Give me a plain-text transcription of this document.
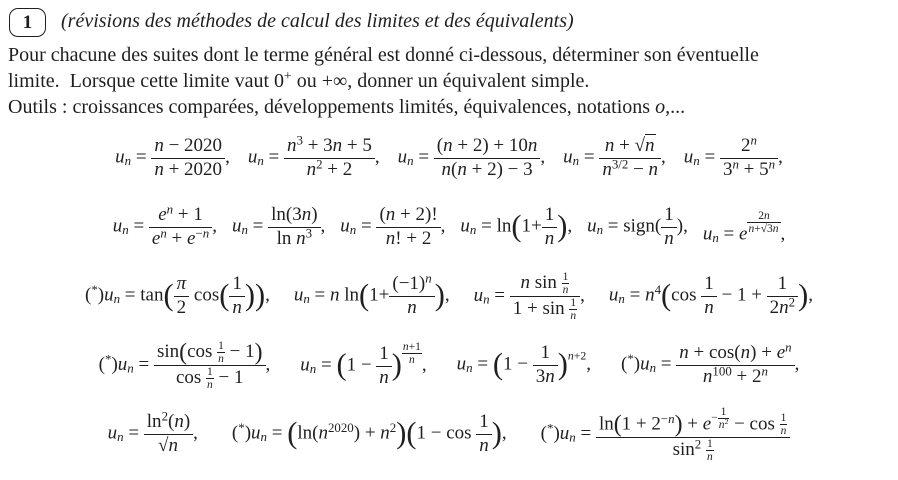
1 (révisions des méthodes de calcul des limites et des équivalents)
Pour chacune des suites dont le terme général est donné ci-dessous, déterminer son éventuelle
limite.  Lorsque cette limite vaut 0+ ou +∞, donner un équivalent simple.
Outils : croissances comparées, développements limités, équivalences, notations o,...
$u_n = \frac{n - 2020}{n + 2020}$ , $u_n = \frac{n^3 + 3n + 5}{n^2 + 2}$ , $u_n = \frac{(n + 2) + 10n}{n(n + 2) - 3}$ , $u_n = \frac{n + √n}{n^{3/2} - n}$ , $u_n = \frac{2^n}{3^n + 5^n}$ ,
$u_n = \frac{e^n + 1}{e^n + e^{-n}}$ , $u_n = \frac{\ln(3n)}{\ln n^3}$ , $u_n = \frac{(n + 2)!}{n! + 2}$ , $u_n = \ln(1+ \frac{1}{n}$ ), $u_n$ = sign( $\frac{1}{n}$ ), $u_n = e$ $^{\frac{2n}{n+√3n}}$ ,
$(^*)u_n = \tan( \frac{\pi}{2} \cos( \frac{1}{n}$ )), $u_n = n$ $\ln(1+ \frac{(-1)^n}{n}$ ), $u_n = \frac{n \sin \frac{1}{n}}{1 + \sin \frac{1}{n}}$ , $u_n = n^4(\cos \frac{1}{n} - 1 + \frac{1}{2n^2}$ ),
$(^*)u_n = \frac{\sin(\cos \frac{1}{n} - 1)}{\cos \frac{1}{n} - 1}$ , $u_n = (1 - \frac{1}{n}$ ) $^{\frac{n+1}{n}}$ , $u_n = (1 - \frac{1}{3n} )^{n+2}$, $(^*)u_n = \frac{n + \cos(n) + e^n}{n^{100} + 2^n}$ ,
$u_n = \frac{\ln^2(n)}{√n}$ , $(^*)u_n = (\ln(n^{2020}) + n^2)(1 - \cos \frac{1}{n}$ ), $(^*)u_n = \ln(1 + 2^{-n}) + e^{- \frac{1}{n^2}} - \cos \frac{1}{n}$
$\sin^2 \frac{1}{n}$
